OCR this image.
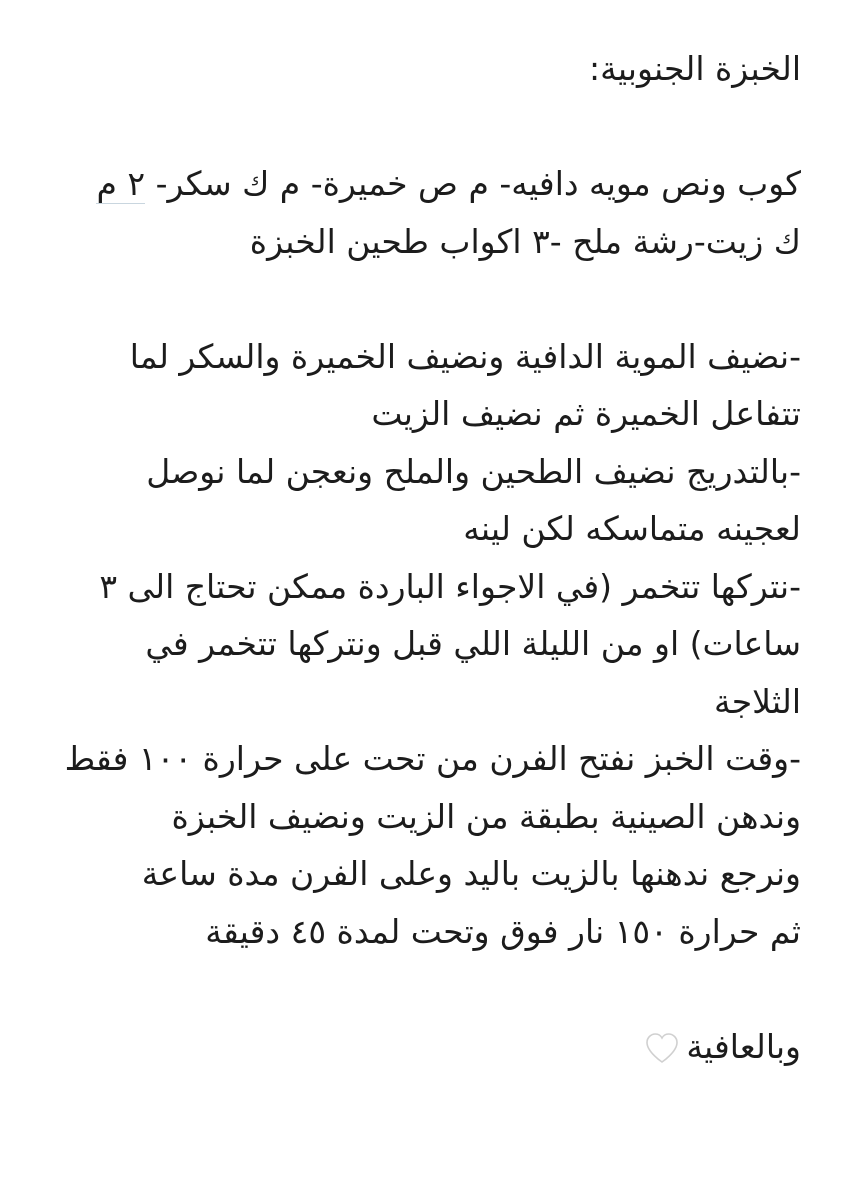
الخبزة الجنوبية:
كوب ونص مويه دافيه- م ص خميرة- م ك سكر- ٢ م
ك زيت-رشة ملح -٣ اكواب طحين الخبزة
-نضيف الموية الدافية ونضيف الخميرة والسكر لما
تتفاعل الخميرة ثم نضيف الزيت
-بالتدريج نضيف الطحين والملح ونعجن لما نوصل
لعجينه متماسكه لكن لينه
-نتركها تتخمر (في الاجواء الباردة ممكن تحتاج الى ٣
ساعات) او من الليلة اللي قبل ونتركها تتخمر في
الثلاجة
-وقت الخبز نفتح الفرن من تحت على حرارة ١٠٠ فقط
وندهن الصينية بطبقة من الزيت ونضيف الخبزة
ونرجع ندهنها بالزيت باليد وعلى الفرن مدة ساعة
ثم حرارة ١٥٠ نار فوق وتحت لمدة ٤٥ دقيقة
وبالعافية
